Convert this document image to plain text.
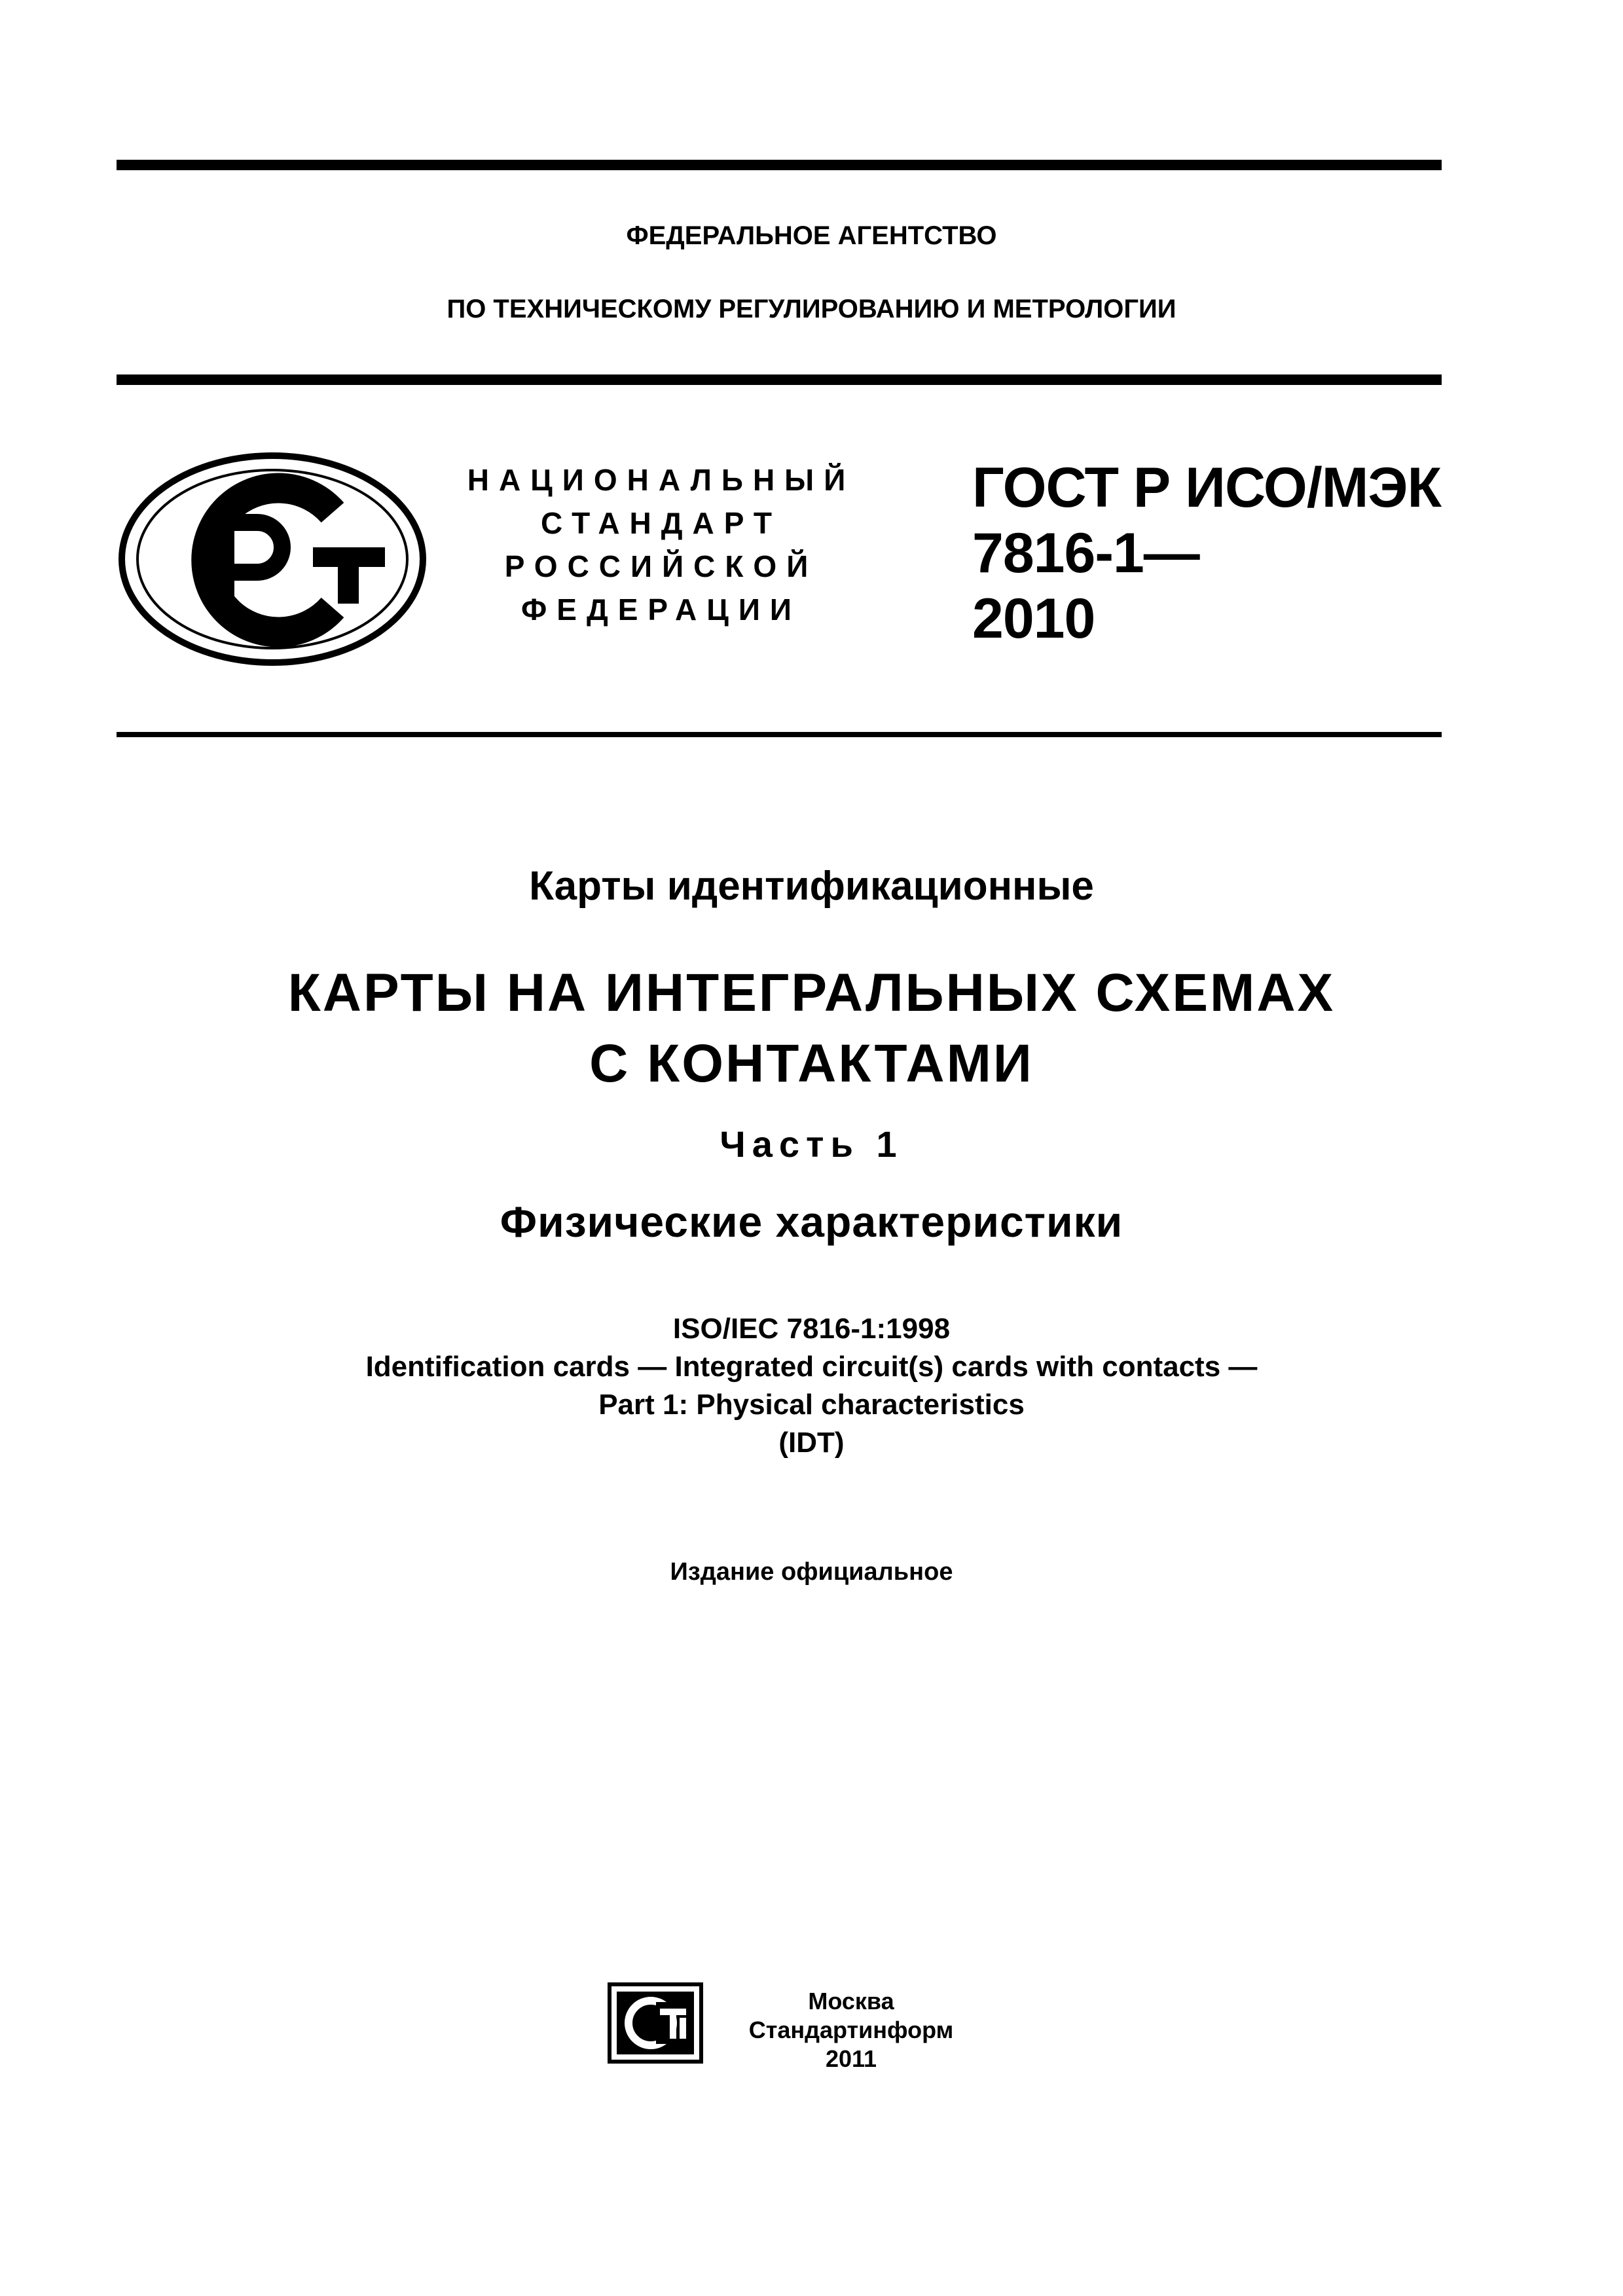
ФЕДЕРАЛЬНОЕ АГЕНТСТВО
ПО ТЕХНИЧЕСКОМУ РЕГУЛИРОВАНИЮ И МЕТРОЛОГИИ
НАЦИОНАЛЬНЫЙ
СТАНДАРТ
РОССИЙСКОЙ
ФЕДЕРАЦИИ
ГОСТ Р ИСО/МЭК
7816-1—
2010
Карты идентификационные
КАРТЫ НА ИНТЕГРАЛЬНЫХ СХЕМАХ
С КОНТАКТАМИ
Часть 1
Физические характеристики
ISO/IEC 7816-1:1998
Identification cards — Integrated circuit(s) cards with contacts —
Part 1: Physical characteristics
(IDT)
Издание официальное
Москва
Стандартинформ
2011
